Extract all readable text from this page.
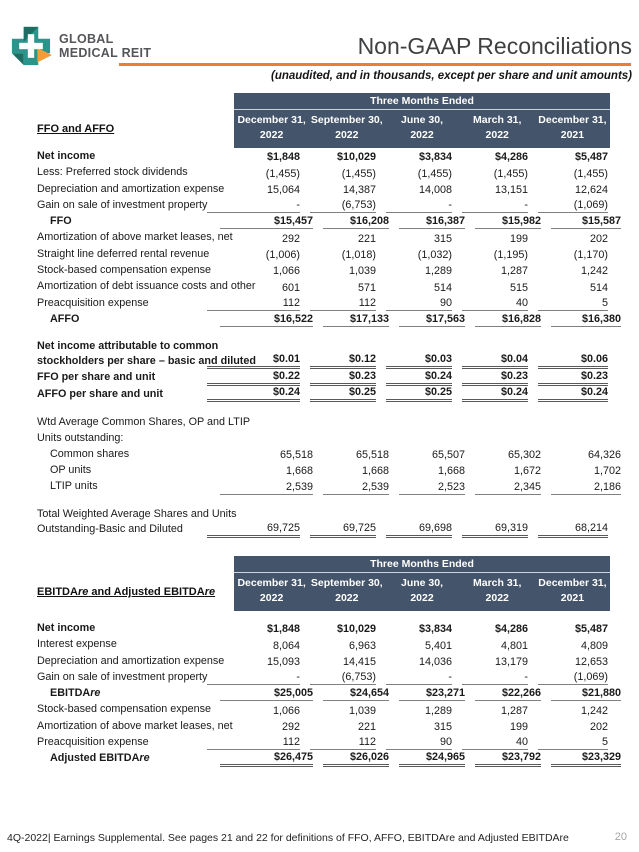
GLOBAL
MEDICAL REIT	Non-GAAP Reconciliations
(unaudited, and in thousands, except per share and unit amounts)
Three Months Ended
December 31,
2022
September 30,
2022
June 30,
2022
March 31,
2022
December 31,
2021
FFO and AFFO
Net income	$1,848	$10,029	$3,834	$4,286	$5,487
Less: Preferred stock dividends	(1,455)	(1,455)	(1,455)	(1,455)	(1,455)
Depreciation and amortization expense	15,064	14,387	14,008	13,151	12,624
Gain on sale of investment property	-	(6,753)	-	-	(1,069)
FFO	$15,457	$16,208	$16,387	$15,982	$15,587
Amortization of above market leases, net	292	221	315	199	202
Straight line deferred rental revenue	(1,006)	(1,018)	(1,032)	(1,195)	(1,170)
Stock-based compensation expense	1,066	1,039	1,289	1,287	1,242
Amortization of debt issuance costs and other	601	571	514	515	514
Preacquisition expense	112	112	90	40	5
AFFO	$16,522	$17,133	$17,563	$16,828	$16,380
Net income attributable to common
stockholders per share – basic and diluted	$0.01	$0.12	$0.03	$0.04	$0.06
FFO per share and unit	$0.22	$0.23	$0.24	$0.23	$0.23
AFFO per share and unit	$0.24	$0.25	$0.25	$0.24	$0.24
Wtd Average Common Shares, OP and LTIP
Units outstanding:
Common shares	65,518	65,518	65,507	65,302	64,326
OP units	1,668	1,668	1,668	1,672	1,702
LTIP units	2,539	2,539	2,523	2,345	2,186
Total Weighted Average Shares and Units
Outstanding-Basic and Diluted	69,725	69,725	69,698	69,319	68,214
Three Months Ended
December 31,
2022
September 30,
2022
June 30,
2022
March 31,
2022
December 31,
2021
EBITDAre and Adjusted EBITDAre
Net income	$1,848	$10,029	$3,834	$4,286	$5,487
Interest expense	8,064	6,963	5,401	4,801	4,809
Depreciation and amortization expense	15,093	14,415	14,036	13,179	12,653
Gain on sale of investment property	-	(6,753)	-	-	(1,069)
EBITDAre	$25,005	$24,654	$23,271	$22,266	$21,880
Stock-based compensation expense	1,066	1,039	1,289	1,287	1,242
Amortization of above market leases, net	292	221	315	199	202
Preacquisition expense	112	112	90	40	5
Adjusted EBITDAre	$26,475	$26,026	$24,965	$23,792	$23,329
4Q-2022| Earnings Supplemental. See pages 21 and 22 for definitions of FFO, AFFO, EBITDAre and Adjusted EBITDAre	20
